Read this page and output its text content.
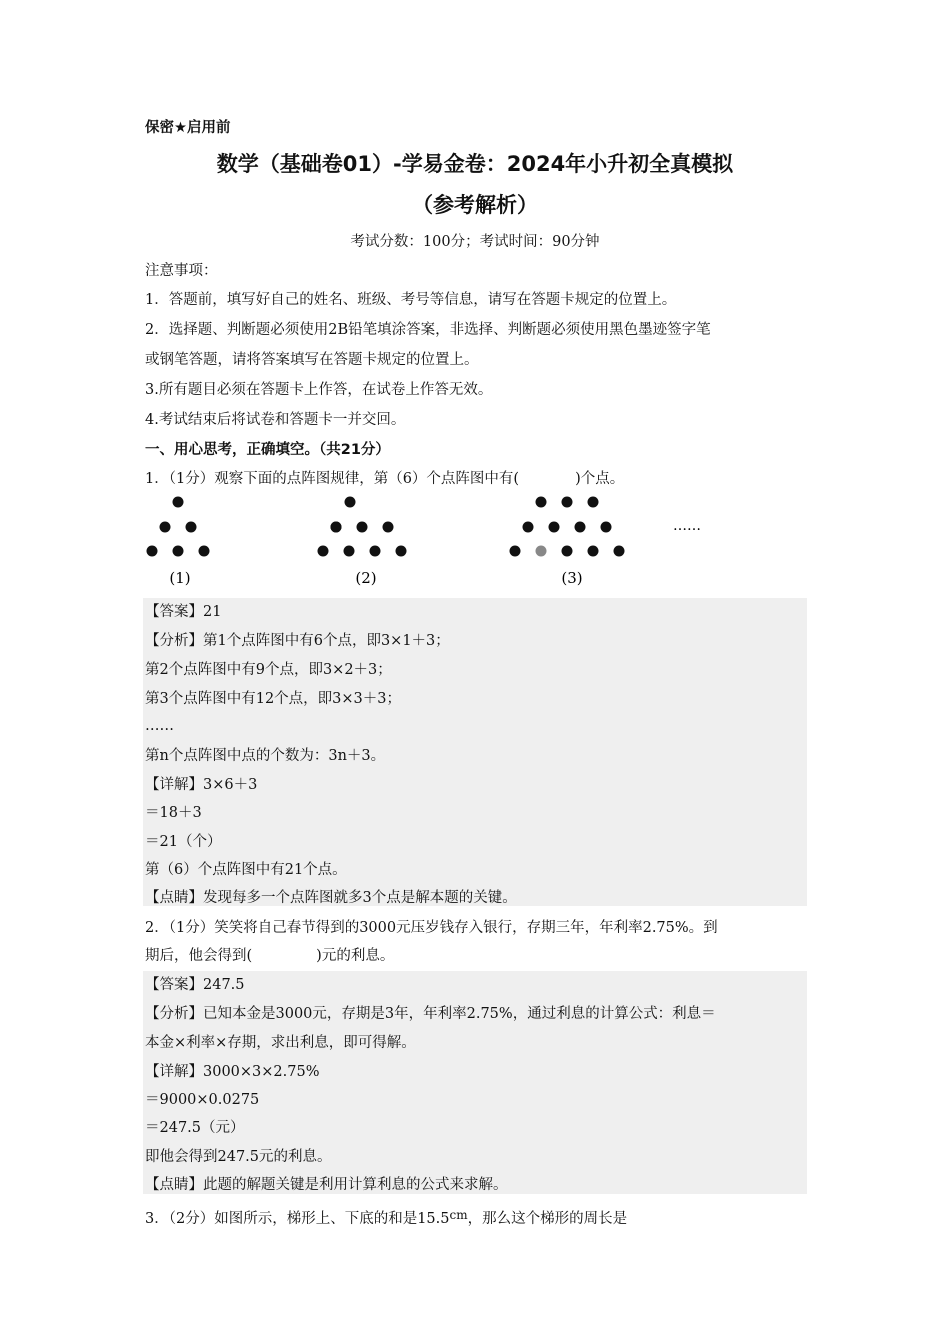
保密★启用前
数学（基础卷01）-学易金卷：2024年小升初全真模拟
（参考解析）
考试分数：100分；考试时间：90分钟
注意事项：
1．答题前，填写好自己的姓名、班级、考号等信息，请写在答题卡规定的位置上。
2．选择题、判断题必须使用2B铅笔填涂答案，非选择、判断题必须使用黑色墨迹签字笔
或钢笔答题，请将答案填写在答题卡规定的位置上。
3.所有题目必须在答题卡上作答，在试卷上作答无效。
4.考试结束后将试卷和答题卡一并交回。
一、用心思考，正确填空。（共21分）
1．（1分）观察下面的点阵图规律，第（6）个点阵图中有(	)个点。
(1)	(2)	(3)
……
【答案】21
【分析】第1个点阵图中有6个点，即3×1＋3；
第2个点阵图中有9个点，即3×2＋3；
第3个点阵图中有12个点，即3×3＋3；
……
第n个点阵图中点的个数为：3n＋3。
【详解】3×6＋3
＝18＋3
＝21（个）
第（6）个点阵图中有21个点。
【点睛】发现每多一个点阵图就多3个点是解本题的关键。
2．（1分）笑笑将自己春节得到的3000元压岁钱存入银行，存期三年，年利率2.75%。到
期后，他会得到(	)元的利息。
【答案】247.5
【分析】已知本金是3000元，存期是3年，年利率2.75%，通过利息的计算公式：利息＝
本金×利率×存期，求出利息，即可得解。
【详解】3000×3×2.75%
＝9000×0.0275
＝247.5（元）
即他会得到247.5元的利息。
【点睛】此题的解题关键是利用计算利息的公式来求解。
3．（2分）如图所示，梯形上、下底的和是$15.5^{cm}$，那么这个梯形的周长是
